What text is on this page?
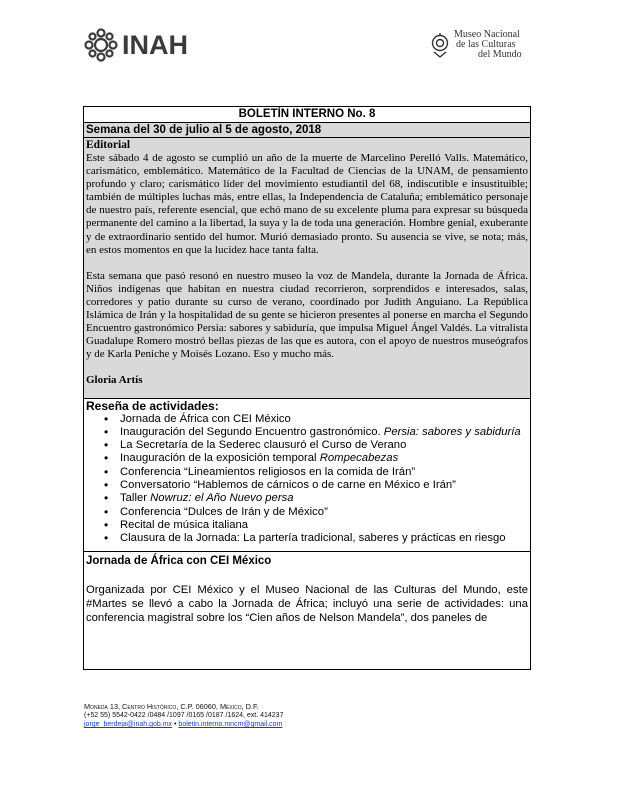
INAH	Museo Nacional
de las Culturas
del Mundo
BOLETÍN INTERNO No. 8
Semana del 30 de julio al 5 de agosto, 2018
Editorial

Este sábado 4 de agosto se cumplió un año de la muerte de Marcelino Perelló Valls. Matemático, carismático, emblemático. Matemático de la Facultad de Ciencias de la UNAM, de pensamiento profundo y claro; carismático líder del movimiento estudiantil del 68, indiscutible e insustituible; también de múltiples luchas más, entre ellas, la Independencia de Cataluña; emblemático personaje de nuestro país, referente esencial, que echó mano de su excelente pluma para expresar su búsqueda permanente del camino a la libertad, la suya y la de toda una generación. Hombre genial, exuberante y de extraordinario sentido del humor. Murió demasiado pronto. Su ausencia se vive, se nota; más, en estos momentos en que la lucidez hace tanta falta.

Esta semana que pasó resonó en nuestro museo la voz de Mandela, durante la Jornada de África. Niños indígenas que habitan en nuestra ciudad recorrieron, sorprendidos e interesados, salas, corredores y patio durante su curso de verano, coordinado por Judith Anguiano. La República Islámica de Irán y la hospitalidad de su gente se hicieron presentes al ponerse en marcha el Segundo Encuentro gastronómico Persia: sabores y sabiduría, que impulsa Miguel Ángel Valdés. La vitralista Guadalupe Romero mostró bellas piezas de las que es autora, con el apoyo de nuestros museógrafos y de Karla Peniche y Moisés Lozano. Eso y mucho más.

Gloria Artís

Reseña de actividades:
• Jornada de África con CEI México
• Inauguración del Segundo Encuentro gastronómico. Persia: sabores y sabiduría
• La Secretaría de la Sederec clausuró el Curso de Verano
• Inauguración de la exposición temporal Rompecabezas
• Conferencia “Lineamientos religiosos en la comida de Irán”
• Conversatorio “Hablemos de cárnicos o de carne en México e Irán”
• Taller Nowruz: el Año Nuevo persa
• Conferencia “Dulces de Irán y de México”
• Recital de música italiana
• Clausura de la Jornada: La partería tradicional, saberes y prácticas en riesgo
Jornada de África con CEI México

Organizada por CEI México y el Museo Nacional de las Culturas del Mundo, este #Martes se llevó a cabo la Jornada de África; incluyó una serie de actividades: una conferencia magistral sobre los “Cien años de Nelson Mandela”, dos paneles de

Moneda 13, Centro Histórico, C.P. 06060, México, D.F.
(+52 55) 5542-0422 /0484 /1097 /0165 /0187 /1624, ext. 414237
jorge_berdeja@inah.gob.mx • boletin.interno.mncm@gmail.com
